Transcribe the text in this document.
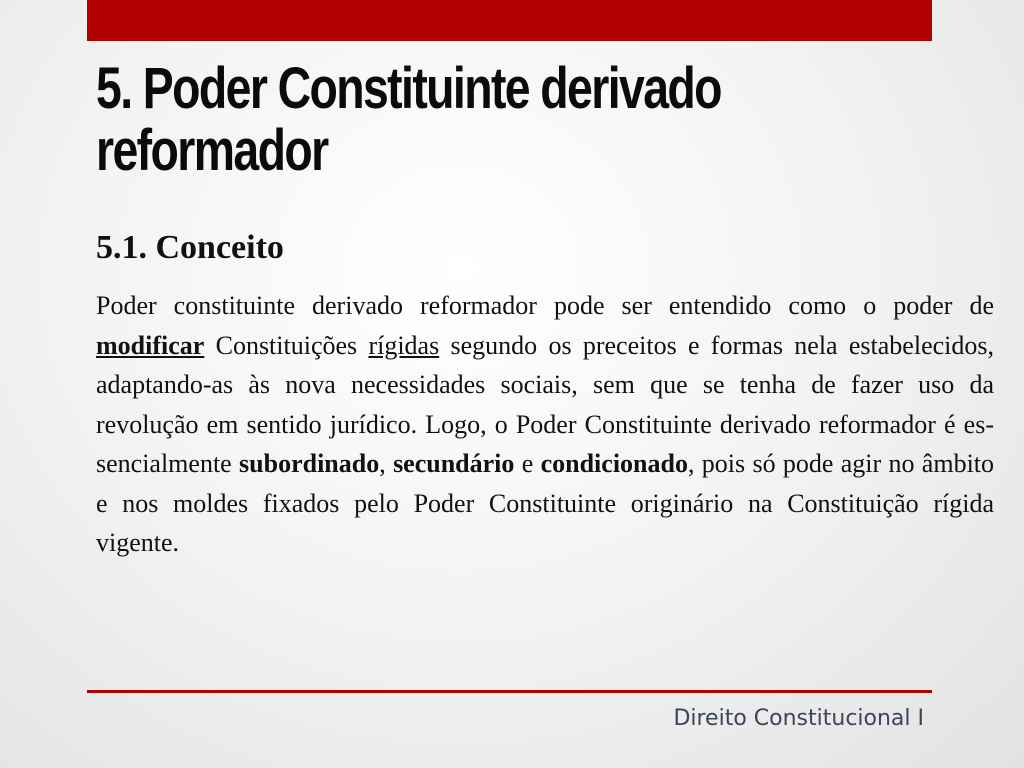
5. Poder Constituinte derivado reformador
5.1. Conceito

Poder constituinte derivado reformador pode ser entendido como o poder de modificar Constituições rígidas segundo os preceitos e formas nela estabelecidos, adaptando-as às nova necessidades sociais, sem que se tenha de fazer uso da revolução em sentido jurídico. Logo, o Poder Constituinte derivado reformador é essencialmente subordinado, secundário e condicionado, pois só pode agir no âmbito e nos moldes fixados pelo Poder Constituinte originário na Constituição rígida vigente.

Direito Constitucional I
